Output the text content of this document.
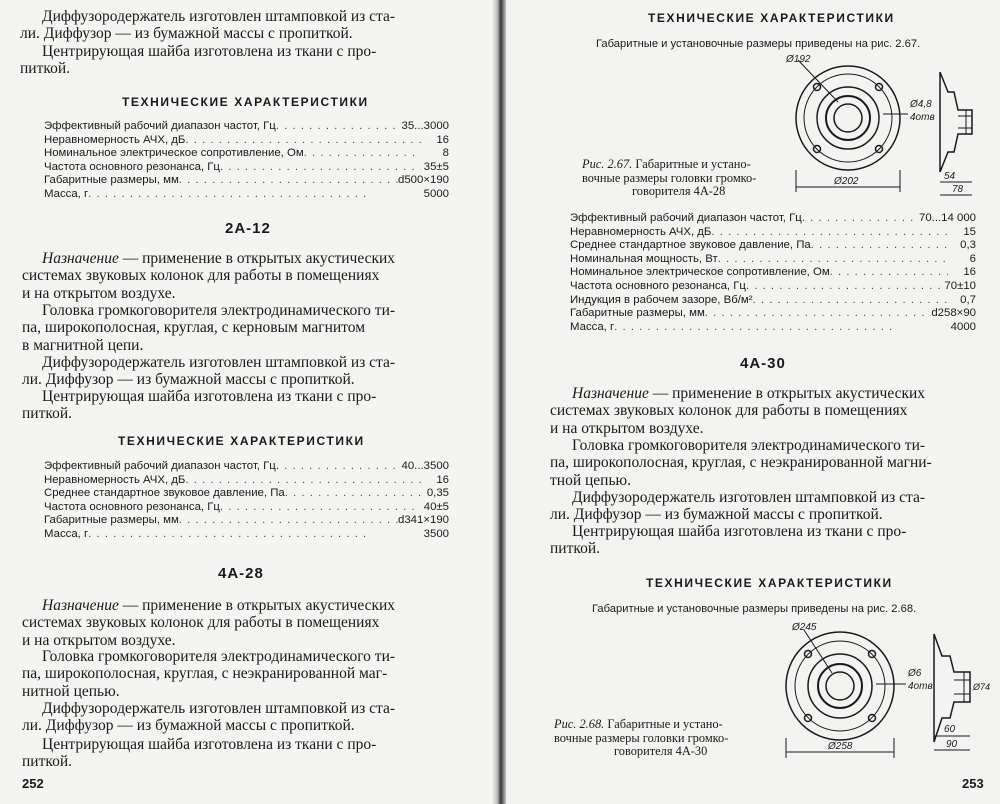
Диффузородержатель изготовлен штамповкой из ста-
ли. Диффузор — из бумажной массы с пропиткой.
Центрирующая шайба изготовлена из ткани с про-
питкой.
ТЕХНИЧЕСКИЕ ХАРАКТЕРИСТИКИ
Эффективный рабочий диапазон частот, Гц . . .	35...3000
Неравномерность АЧХ, дБ . . .	16
Номинальное электрическое сопротивление, Ом . . .	8
Частота основного резонанса, Гц . . .	35±5
Габаритные размеры, мм . . .	d500×190
Масса, г . . .	5000
2А-12
Назначение — применение в открытых акустических
системах звуковых колонок для работы в помещениях
и на открытом воздухе.
Головка громкоговорителя электродинамического ти-
па, широкополосная, круглая, с керновым магнитом
в магнитной цепи.
Диффузородержатель изготовлен штамповкой из ста-
ли. Диффузор — из бумажной массы с пропиткой.
Центрирующая шайба изготовлена из ткани с про-
питкой.
ТЕХНИЧЕСКИЕ ХАРАКТЕРИСТИКИ
Эффективный рабочий диапазон частот, Гц . . .	40...3500
Неравномерность АЧХ, дБ . . .	16
Среднее стандартное звуковое давление, Па . . .	0,35
Частота основного резонанса, Гц . . .	40±5
Габаритные размеры, мм . . .	d341×190
Масса, г . . .	3500
4А-28
Назначение — применение в открытых акустических
системах звуковых колонок для работы в помещениях
и на открытом воздухе.
Головка громкоговорителя электродинамического ти-
па, широкополосная, круглая, с неэкранированной маг-
нитной цепью.
Диффузородержатель изготовлен штамповкой из ста-
ли. Диффузор — из бумажной массы с пропиткой.
Центрирующая шайба изготовлена из ткани с про-
питкой.
252
ТЕХНИЧЕСКИЕ ХАРАКТЕРИСТИКИ
Габаритные и установочные размеры приведены на рис. 2.67.
Ø192
Ø4,8
4отв
Ø202	54
78
Рис. 2.67. Габаритные и устано-
вочные размеры головки громко-
говорителя 4А-28
Эффективный рабочий диапазон частот, Гц . . .	70...14 000
Неравномерность АЧХ, дБ . . .	15
Среднее стандартное звуковое давление, Па . . .	0,3
Номинальная мощность, Вт . . .	6
Номинальное электрическое сопротивление, Ом . . .	16
Частота основного резонанса, Гц . . .	70±10
Индукция в рабочем зазоре, Вб/м² . . .	0,7
Габаритные размеры, мм . . .	d258×90
Масса, г . . .	4000
4А-30
Назначение — применение в открытых акустических
системах звуковых колонок для работы в помещениях
и на открытом воздухе.
Головка громкоговорителя электродинамического ти-
па, широкополосная, круглая, с неэкранированной магни-
тной цепью.
Диффузородержатель изготовлен штамповкой из ста-
ли. Диффузор — из бумажной массы с пропиткой.
Центрирующая шайба изготовлена из ткани с про-
питкой.
ТЕХНИЧЕСКИЕ ХАРАКТЕРИСТИКИ
Габаритные и установочные размеры приведены на рис. 2.68.
Ø245
Ø6
4отв
Ø258
60
90
Ø74
Рис. 2.68. Габаритные и устано-
вочные размеры головки громко-
говорителя 4А-30
253
